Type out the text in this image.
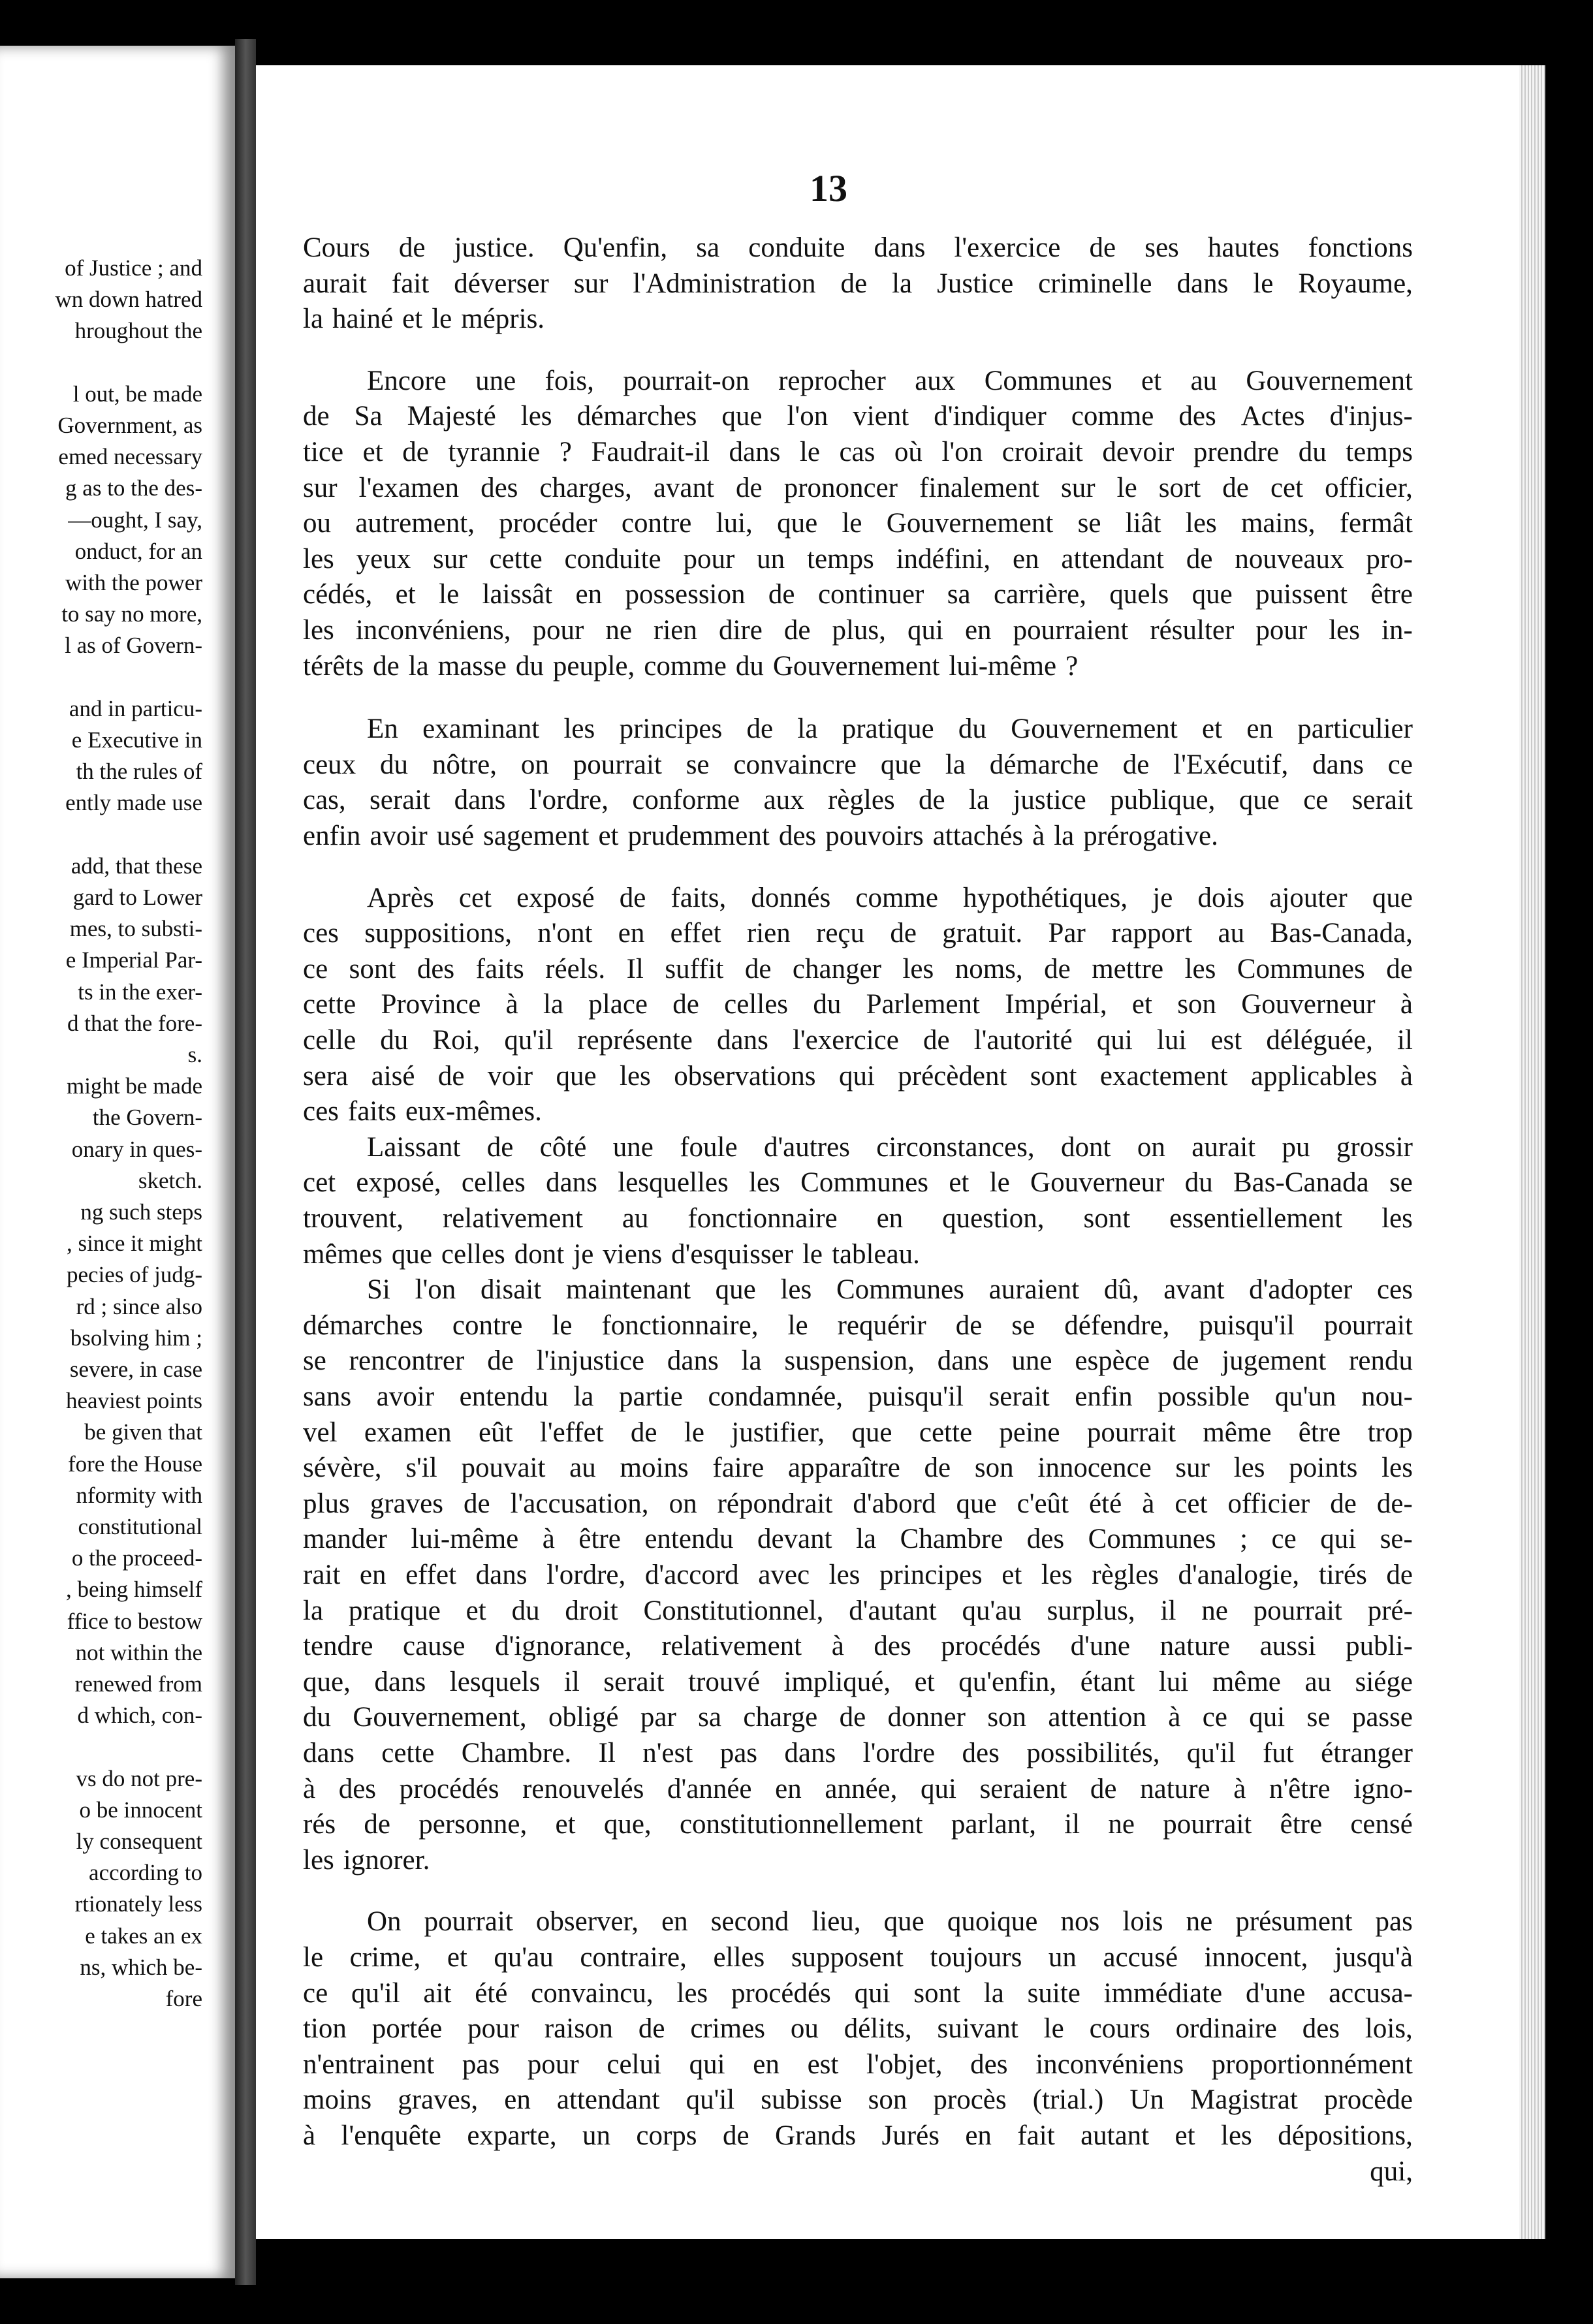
of Justice ; and
wn down hatred
hroughout the
l out, be made
Government, as
emed necessary
g as to the des-
—ought, I say,
onduct, for an
with the power
to say no more,
l as of Govern-
and in particu-
e Executive in
th the rules of
ently made use
add, that these
gard to Lower
mes, to substi-
e Imperial Par-
ts in the exer-
d that the fore-
s.
might be made
the Govern-
onary in ques-
sketch.
ng such steps
, since it might
pecies of judg-
rd ; since also
bsolving him ;
severe, in case
heaviest points
be given that
fore the House
nformity with
constitutional
o the proceed-
, being himself
ffice to bestow
not within the
renewed from
d which, con-
vs do not pre-
o be innocent
ly consequent
according to
rtionately less
e takes an ex
ns, which be-
fore
13
Cours de justice. Qu'enfin, sa conduite dans l'exercice de ses hautes fonctions
aurait fait déverser sur l'Administration de la Justice criminelle dans le Royaume,
la hainé et le mépris.
Encore une fois, pourrait-on reprocher aux Communes et au Gouvernement
de Sa Majesté les démarches que l'on vient d'indiquer comme des Actes d'injus-
tice et de tyrannie ? Faudrait-il dans le cas où l'on croirait devoir prendre du temps
sur l'examen des charges, avant de prononcer finalement sur le sort de cet officier,
ou autrement, procéder contre lui, que le Gouvernement se liât les mains, fermât
les yeux sur cette conduite pour un temps indéfini, en attendant de nouveaux pro-
cédés, et le laissât en possession de continuer sa carrière, quels que puissent être
les inconvéniens, pour ne rien dire de plus, qui en pourraient résulter pour les in-
térêts de la masse du peuple, comme du Gouvernement lui-même ?
En examinant les principes de la pratique du Gouvernement et en particulier
ceux du nôtre, on pourrait se convaincre que la démarche de l'Exécutif, dans ce
cas, serait dans l'ordre, conforme aux règles de la justice publique, que ce serait
enfin avoir usé sagement et prudemment des pouvoirs attachés à la prérogative.
Après cet exposé de faits, donnés comme hypothétiques, je dois ajouter que
ces suppositions, n'ont en effet rien reçu de gratuit. Par rapport au Bas-Canada,
ce sont des faits réels. Il suffit de changer les noms, de mettre les Communes de
cette Province à la place de celles du Parlement Impérial, et son Gouverneur à
celle du Roi, qu'il représente dans l'exercice de l'autorité qui lui est déléguée, il
sera aisé de voir que les observations qui précèdent sont exactement applicables à
ces faits eux-mêmes.
Laissant de côté une foule d'autres circonstances, dont on aurait pu grossir
cet exposé, celles dans lesquelles les Communes et le Gouverneur du Bas-Canada se
trouvent, relativement au fonctionnaire en question, sont essentiellement les
mêmes que celles dont je viens d'esquisser le tableau.
Si l'on disait maintenant que les Communes auraient dû, avant d'adopter ces
démarches contre le fonctionnaire, le requérir de se défendre, puisqu'il pourrait
se rencontrer de l'injustice dans la suspension, dans une espèce de jugement rendu
sans avoir entendu la partie condamnée, puisqu'il serait enfin possible qu'un nou-
vel examen eût l'effet de le justifier, que cette peine pourrait même être trop
sévère, s'il pouvait au moins faire apparaître de son innocence sur les points les
plus graves de l'accusation, on répondrait d'abord que c'eût été à cet officier de de-
mander lui-même à être entendu devant la Chambre des Communes ; ce qui se-
rait en effet dans l'ordre, d'accord avec les principes et les règles d'analogie, tirés de
la pratique et du droit Constitutionnel, d'autant qu'au surplus, il ne pourrait pré-
tendre cause d'ignorance, relativement à des procédés d'une nature aussi publi-
que, dans lesquels il serait trouvé impliqué, et qu'enfin, étant lui même au siége
du Gouvernement, obligé par sa charge de donner son attention à ce qui se passe
dans cette Chambre. Il n'est pas dans l'ordre des possibilités, qu'il fut étranger
à des procédés renouvelés d'année en année, qui seraient de nature à n'être igno-
rés de personne, et que, constitutionnellement parlant, il ne pourrait être censé
les ignorer.
On pourrait observer, en second lieu, que quoique nos lois ne présument pas
le crime, et qu'au contraire, elles supposent toujours un accusé innocent, jusqu'à
ce qu'il ait été convaincu, les procédés qui sont la suite immédiate d'une accusa-
tion portée pour raison de crimes ou délits, suivant le cours ordinaire des lois,
n'entrainent pas pour celui qui en est l'objet, des inconvéniens proportionnément
moins graves, en attendant qu'il subisse son procès (trial.) Un Magistrat procède
à l'enquête exparte, un corps de Grands Jurés en fait autant et les dépositions,
qui,
